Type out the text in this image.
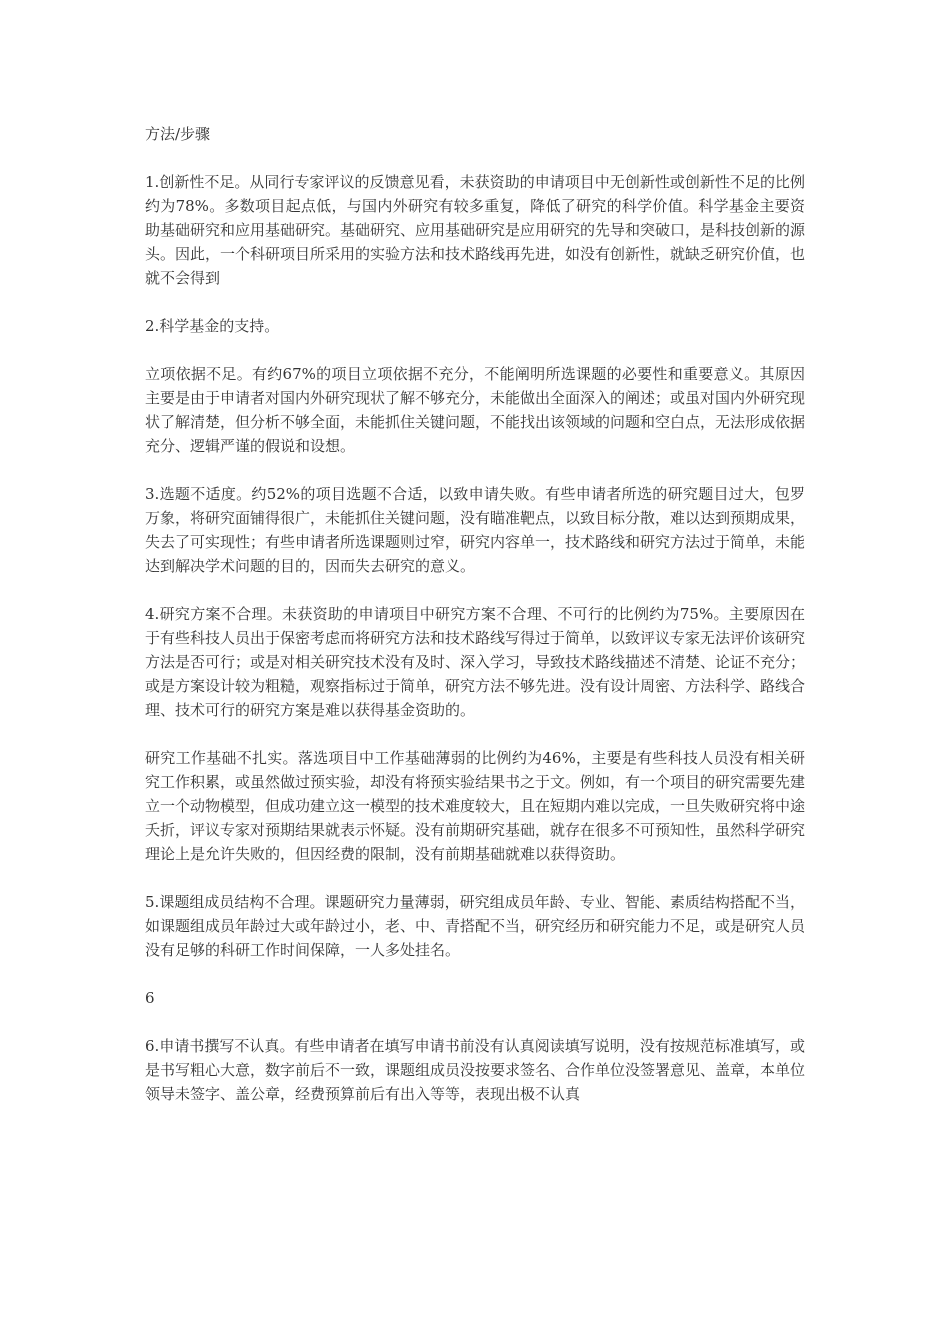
方法/步骤

1.创新性不足。从同行专家评议的反馈意见看，未获资助的申请项目中无创新性或创新性不足的比例约为78%。多数项目起点低，与国内外研究有较多重复，降低了研究的科学价值。科学基金主要资助基础研究和应用基础研究。基础研究、应用基础研究是应用研究的先导和突破口，是科技创新的源头。因此，一个科研项目所采用的实验方法和技术路线再先进，如没有创新性，就缺乏研究价值，也就不会得到

2.科学基金的支持。

立项依据不足。有约67%的项目立项依据不充分，不能阐明所选课题的必要性和重要意义。其原因主要是由于申请者对国内外研究现状了解不够充分，未能做出全面深入的阐述；或虽对国内外研究现状了解清楚，但分析不够全面，未能抓住关键问题，不能找出该领域的问题和空白点，无法形成依据充分、逻辑严谨的假说和设想。

3.选题不适度。约52%的项目选题不合适，以致申请失败。有些申请者所选的研究题目过大，包罗万象，将研究面铺得很广，未能抓住关键问题，没有瞄准靶点，以致目标分散，难以达到预期成果，失去了可实现性；有些申请者所选课题则过窄，研究内容单一，技术路线和研究方法过于简单，未能达到解决学术问题的目的，因而失去研究的意义。

4.研究方案不合理。未获资助的申请项目中研究方案不合理、不可行的比例约为75%。主要原因在于有些科技人员出于保密考虑而将研究方法和技术路线写得过于简单，以致评议专家无法评价该研究方法是否可行；或是对相关研究技术没有及时、深入学习，导致技术路线描述不清楚、论证不充分；或是方案设计较为粗糙，观察指标过于简单，研究方法不够先进。没有设计周密、方法科学、路线合理、技术可行的研究方案是难以获得基金资助的。

研究工作基础不扎实。落选项目中工作基础薄弱的比例约为46%，主要是有些科技人员没有相关研究工作积累，或虽然做过预实验，却没有将预实验结果书之于文。例如，有一个项目的研究需要先建立一个动物模型，但成功建立这一模型的技术难度较大，且在短期内难以完成，一旦失败研究将中途夭折，评议专家对预期结果就表示怀疑。没有前期研究基础，就存在很多不可预知性，虽然科学研究理论上是允许失败的，但因经费的限制，没有前期基础就难以获得资助。

5.课题组成员结构不合理。课题研究力量薄弱，研究组成员年龄、专业、智能、素质结构搭配不当，如课题组成员年龄过大或年龄过小，老、中、青搭配不当，研究经历和研究能力不足，或是研究人员没有足够的科研工作时间保障，一人多处挂名。

6

6.申请书撰写不认真。有些申请者在填写申请书前没有认真阅读填写说明，没有按规范标准填写，或是书写粗心大意，数字前后不一致，课题组成员没按要求签名、合作单位没签署意见、盖章，本单位领导未签字、盖公章，经费预算前后有出入等等，表现出极不认真
